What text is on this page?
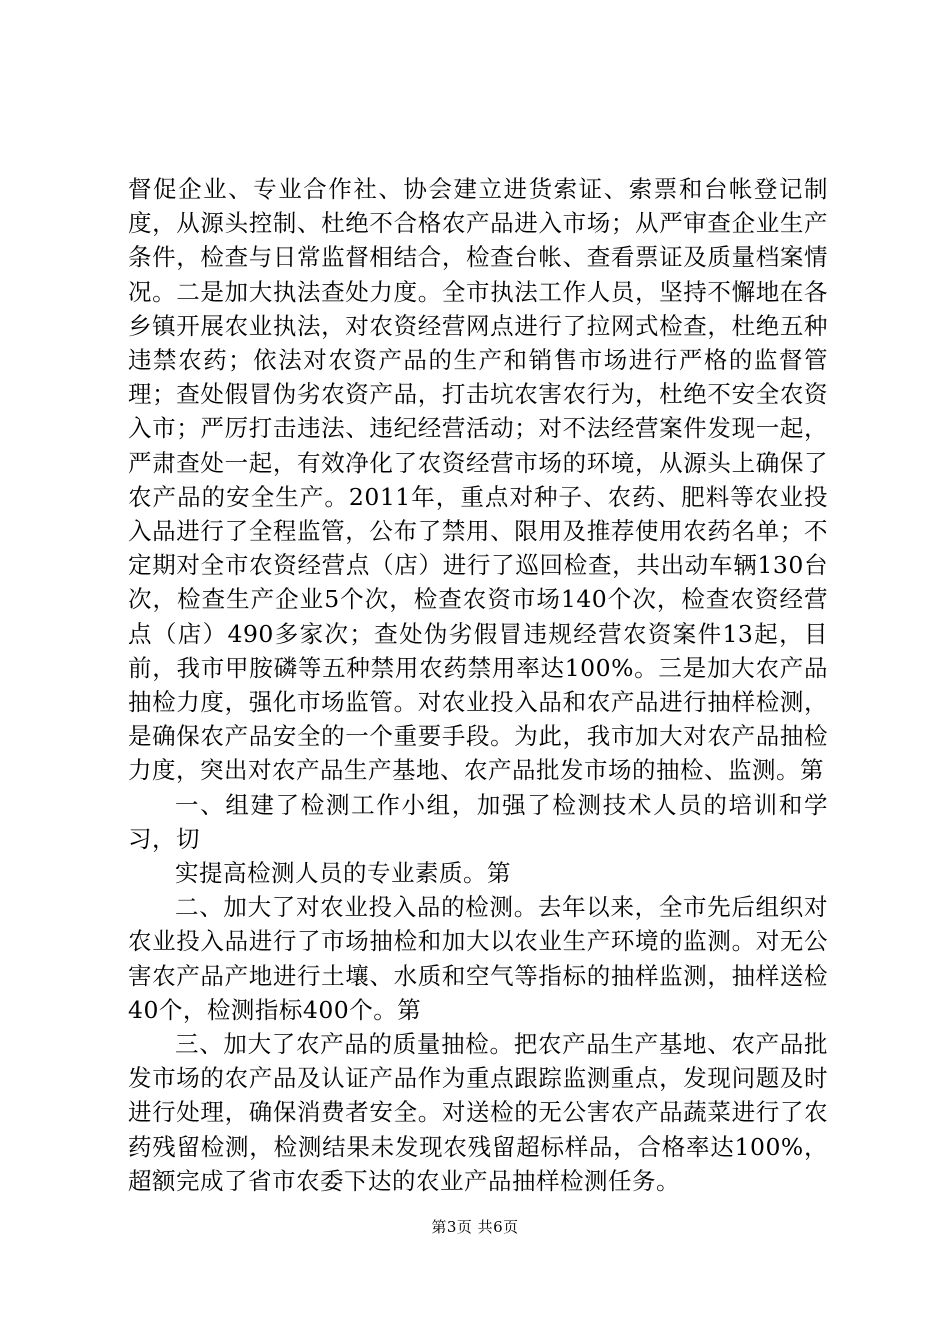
督促企业、专业合作社、协会建立进货索证、索票和台帐登记制度，从源头控制、杜绝不合格农产品进入市场；从严审查企业生产条件，检查与日常监督相结合，检查台帐、查看票证及质量档案情况。二是加大执法查处力度。全市执法工作人员，坚持不懈地在各乡镇开展农业执法，对农资经营网点进行了拉网式检查，杜绝五种违禁农药；依法对农资产品的生产和销售市场进行严格的监督管理；查处假冒伪劣农资产品，打击坑农害农行为，杜绝不安全农资入市；严厉打击违法、违纪经营活动；对不法经营案件发现一起，严肃查处一起，有效净化了农资经营市场的环境，从源头上确保了农产品的安全生产。2011年，重点对种子、农药、肥料等农业投入品进行了全程监管，公布了禁用、限用及推荐使用农药名单；不定期对全市农资经营点（店）进行了巡回检查，共出动车辆130台次，检查生产企业5个次，检查农资市场140个次，检查农资经营点（店）490多家次；查处伪劣假冒违规经营农资案件13起，目前，我市甲胺磷等五种禁用农药禁用率达100%。三是加大农产品抽检力度，强化市场监管。对农业投入品和农产品进行抽样检测，是确保农产品安全的一个重要手段。为此，我市加大对农产品抽检力度，突出对农产品生产基地、农产品批发市场的抽检、监测。第

一、组建了检测工作小组，加强了检测技术人员的培训和学习，切

实提高检测人员的专业素质。第

二、加大了对农业投入品的检测。去年以来，全市先后组织对农业投入品进行了市场抽检和加大以农业生产环境的监测。对无公害农产品产地进行土壤、水质和空气等指标的抽样监测，抽样送检40个，检测指标400个。第

三、加大了农产品的质量抽检。把农产品生产基地、农产品批发市场的农产品及认证产品作为重点跟踪监测重点，发现问题及时进行处理，确保消费者安全。对送检的无公害农产品蔬菜进行了农药残留检测，检测结果未发现农残留超标样品，合格率达100%，超额完成了省市农委下达的农业产品抽样检测任务。

第3页 共6页
